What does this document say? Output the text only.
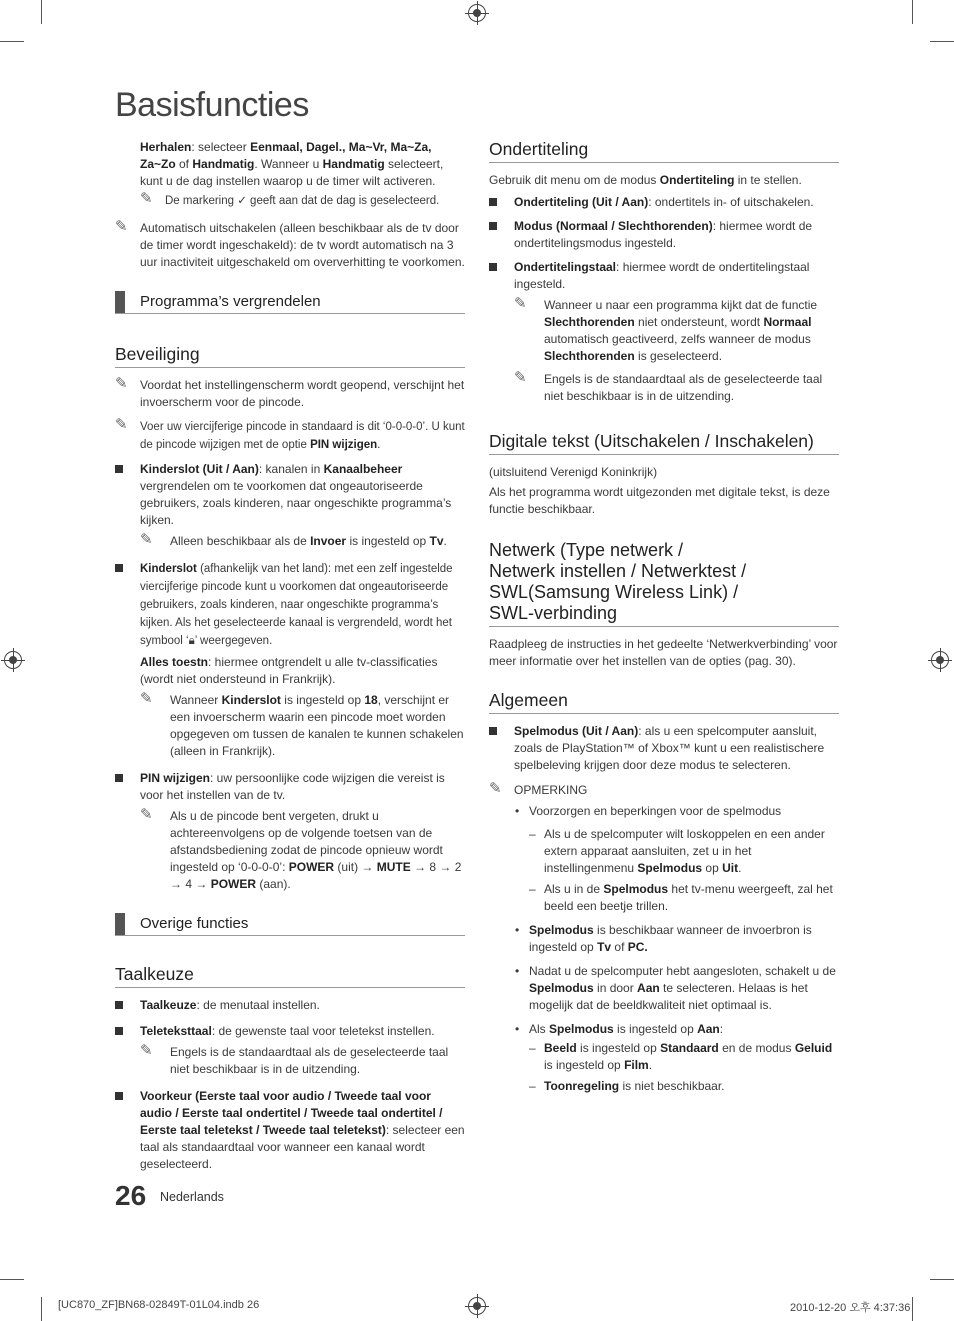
Basisfuncties

Herhalen: selecteer Eenmaal, Dagel., Ma~Vr, Ma~Za, Za~Zo of Handmatig. Wanneer u Handmatig selecteert, kunt u de dag instellen waarop u de timer wilt activeren.

✎ De markering ✓ geeft aan dat de dag is geselecteerd.
✎ Automatisch uitschakelen (alleen beschikbaar als de tv door de timer wordt ingeschakeld): de tv wordt automatisch na 3 uur inactiviteit uitgeschakeld om oververhitting te voorkomen.
Programma’s vergrendelen
Beveiliging
✎ Voordat het instellingenscherm wordt geopend, verschijnt het invoerscherm voor de pincode.
✎ Voer uw viercijferige pincode in standaard is dit ‘0-0-0-0’. U kunt de pincode wijzigen met de optie PIN wijzigen.
Kinderslot (Uit / Aan): kanalen in Kanaalbeheer vergrendelen om te voorkomen dat ongeautoriseerde gebruikers, zoals kinderen, naar ongeschikte programma’s kijken.
✎ Alleen beschikbaar als de Invoer is ingesteld op Tv.
Kinderslot (afhankelijk van het land): met een zelf ingestelde viercijferige pincode kunt u voorkomen dat ongeautoriseerde gebruikers, zoals kinderen, naar ongeschikte programma’s kijken. Als het geselecteerde kanaal is vergrendeld, wordt het symbool ‘🔒︎’ weergegeven.

Alles toestn: hiermee ontgrendelt u alle tv-classificaties (wordt niet ondersteund in Frankrijk).

✎ Wanneer Kinderslot is ingesteld op 18, verschijnt er een invoerscherm waarin een pincode moet worden opgegeven om tussen de kanalen te kunnen schakelen (alleen in Frankrijk).
PIN wijzigen: uw persoonlijke code wijzigen die vereist is voor het instellen van de tv.
✎ Als u de pincode bent vergeten, drukt u achtereenvolgens op de volgende toetsen van de afstandsbediening zodat de pincode opnieuw wordt ingesteld op ‘0-0-0-0’: POWER (uit) → MUTE → 8 → 2 → 4 → POWER (aan).
Overige functies
Taalkeuze
Taalkeuze: de menutaal instellen.
Teleteksttaal: de gewenste taal voor teletekst instellen.
✎ Engels is de standaardtaal als de geselecteerde taal niet beschikbaar is in de uitzending.
Voorkeur (Eerste taal voor audio / Tweede taal voor audio / Eerste taal ondertitel / Tweede taal ondertitel / Eerste taal teletekst / Tweede taal teletekst): selecteer een taal als standaardtaal voor wanneer een kanaal wordt geselecteerd.
Ondertiteling

Gebruik dit menu om de modus Ondertiteling in te stellen.

Ondertiteling (Uit / Aan): ondertitels in- of uitschakelen.
Modus (Normaal / Slechthorenden): hiermee wordt de ondertitelingsmodus ingesteld.
Ondertitelingstaal: hiermee wordt de ondertitelingstaal ingesteld.
✎ Wanneer u naar een programma kijkt dat de functie Slechthorenden niet ondersteunt, wordt Normaal automatisch geactiveerd, zelfs wanneer de modus Slechthorenden is geselecteerd.
✎ Engels is de standaardtaal als de geselecteerde taal niet beschikbaar is in de uitzending.
Digitale tekst (Uitschakelen / Inschakelen)

(uitsluitend Verenigd Koninkrijk)

Als het programma wordt uitgezonden met digitale tekst, is deze functie beschikbaar.

Netwerk (Type netwerk /
Netwerk instellen / Netwerktest /
SWL(Samsung Wireless Link) /
SWL-verbinding

Raadpleeg de instructies in het gedeelte ‘Netwerkverbinding’ voor meer informatie over het instellen van de opties (pag. 30).

Algemeen
Spelmodus (Uit / Aan): als u een spelcomputer aansluit, zoals de PlayStation™ of Xbox™ kunt u een realistischere spelbeleving krijgen door deze modus te selecteren.
✎ OPMERKING
• Voorzorgen en beperkingen voor de spelmodus
– Als u de spelcomputer wilt loskoppelen en een ander extern apparaat aansluiten, zet u in het instellingenmenu Spelmodus op Uit.
– Als u in de Spelmodus het tv-menu weergeeft, zal het beeld een beetje trillen.
• Spelmodus is beschikbaar wanneer de invoerbron is ingesteld op Tv of PC.
• Nadat u de spelcomputer hebt aangesloten, schakelt u de Spelmodus in door Aan te selecteren. Helaas is het mogelijk dat de beeldkwaliteit niet optimaal is.
• Als Spelmodus is ingesteld op Aan:
– Beeld is ingesteld op Standaard en de modus Geluid is ingesteld op Film.
– Toonregeling is niet beschikbaar.
26 Nederlands
[UC870_ZF]BN68-02849T-01L04.indb 26	2010-12-20 오후 4:37:36
